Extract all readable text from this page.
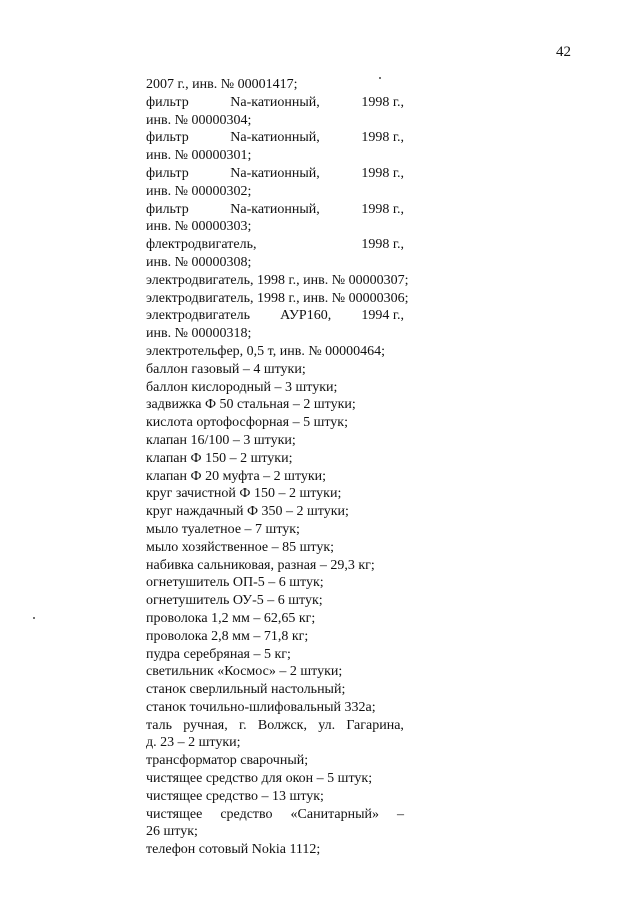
42
2007 г., инв. № 00001417;
фильтр	Na-катионный,	1998 г.,
инв. № 00000304;
фильтр	Na-катионный,	1998 г.,
инв. № 00000301;
фильтр	Na-катионный,	1998 г.,
инв. № 00000302;
фильтр	Na-катионный,	1998 г.,
инв. № 00000303;
флектродвигатель,	1998 г.,
инв. № 00000308;
электродвигатель, 1998 г., инв. № 00000307;
электродвигатель, 1998 г., инв. № 00000306;
электродвигатель АУР160, 1994 г.,
инв. № 00000318;
электротельфер, 0,5 т, инв. № 00000464;
баллон газовый – 4 штуки;
баллон кислородный – 3 штуки;
задвижка Ф 50 стальная – 2 штуки;
кислота ортофосфорная – 5 штук;
клапан 16/100 – 3 штуки;
клапан Ф 150 – 2 штуки;
клапан Ф 20 муфта – 2 штуки;
круг зачистной Ф 150 – 2 штуки;
круг наждачный Ф 350 – 2 штуки;
мыло туалетное – 7 штук;
мыло хозяйственное – 85 штук;
набивка сальниковая, разная – 29,3 кг;
огнетушитель ОП-5 – 6 штук;
огнетушитель ОУ-5 – 6 штук;
проволока 1,2 мм – 62,65 кг;
проволока 2,8 мм – 71,8 кг;
пудра серебряная – 5 кг;
светильник «Космос» – 2 штуки;
станок сверлильный настольный;
станок точильно-шлифовальный 332а;
таль ручная, г. Волжск, ул. Гагарина,
д. 23 – 2 штуки;
трансформатор сварочный;
чистящее средство для окон – 5 штук;
чистящее средство – 13 штук;
чистящее средство «Санитарный» –
26 штук;
телефон сотовый Nokia 1112;
